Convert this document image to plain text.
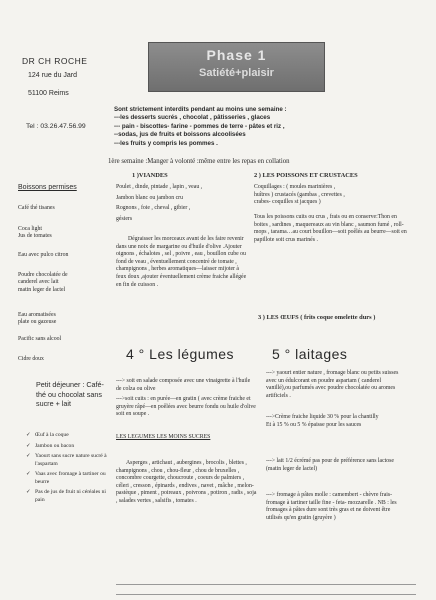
DR CH ROCHE
124 rue du Jard
51100 Reims
Tel : 03.26.47.56.99
Phase 1
Satiété+plaisir
Sont strictement interdits pendant au moins une semaine :
---les desserts sucrés , chocolat , pâtisseries , glaces
--- pain - biscottes- farine - pommes de terre - pâtes et riz ,
--sodas, jus de fruits et boissons alcoolisées
---les fruits y compris les pommes .
1ère semaine :Manger à volonté :même entre les repas en collation
Boissons permises
Café thé tisanes
Coca light
Jus de tomates
Eau avec pulco citron
Poudre chocolatée de
canderel avec lait
matin leger de lactel
Eau aromatisées
plate ou gazeuse
Pacific sans alcool
Cidre doux
Petit déjeuner : Café- thé ou chocolat sans sucre + lait
✓ Œuf à la coque
✓ Jambon ou bacon
✓ Yaourt sans sucre nature sucré à l'aspartam
✓ Vaas avec fromage à tartiner ou beurre
✓ Pas de jus de fruit ni céréales ni pain
1 )VIANDES
Poulet , dinde, pintade , lapin , veau ,
Jambon blanc ou jambon cru
Rognons , foie , cheval , gibier ,
gésiers
Dégraisser les morceaux avant de les faire revenir dans une noix de margarine ou d'huile d'olive .Ajouter oignons , échalotes , sel , poivre , eau , bouillon cube ou fond de veau , éventuellement concentré de tomate , champignons , herbes aromatiques—laisser mijoter à feux doux ,ajouter éventuellement crème fraiche allégée en fin de cuisson .
2 ) LES POISSONS ET CRUSTACES
Coquillages : ( moules marinières ,
huîtres ) crustacés (gambas , crevettes ,
crabes- coquilles st jacques )
Tous les poissons cuits ou crus , frais ou en conserve:Thon en boites , sardines , maquereaux au vin blanc , saumon fumé , roll- mops , tarama…au court bouillon—soit poêlés au beurre—soit en papillote soit crus marinés .
3 ) LES ŒUFS ( frits coque omelette durs )
4 ° Les légumes
---> soit en salade composée avec une vinaigrette à l'huile de colza ou olive
--->soit cuits : en purée—en gratin ( avec crème fraiche et gruyère râpé—en poêlées avec beurre fondu ou huile d'olive soit en soupe .
LES LEGUMES LES MOINS SUCRES
Asperges , artichaut , aubergines , brocolis , blettes , champignons , chou , chou-fleur , chou de bruxelles , concombre courgette, choucroute , coeurs de palmiers , céleri , cresson , épinards , endives , navet , mâche , melon- pastèque , piment , poireaux , poivrons , potiron , radis , soja , salades vertes , salsifis , tomates .
5 ° laitages
---> yaourt entier nature , fromage blanc ou petits suisses avec un édulcorant en poudre aspartam ( canderel vanillé),ou parfumés avec poudre chocolatée ou aromes artificiels .
--->Crème fraiche liquide 30 % pour la chantilly
Et à 15 % ou 5 % épaisse pour les sauces
---> lait 1/2 écrémé pas pour de préférence sans lactose (matin leger de lactel)
---> fromage à pâtes molle : camembert - chèvre frais- fromage à tartiner taille fine - feta- mozzarelle . NB : les fromages à pâtes dure sont très gras et ne doivent être utilisés qu'en gratin (gruyère )
